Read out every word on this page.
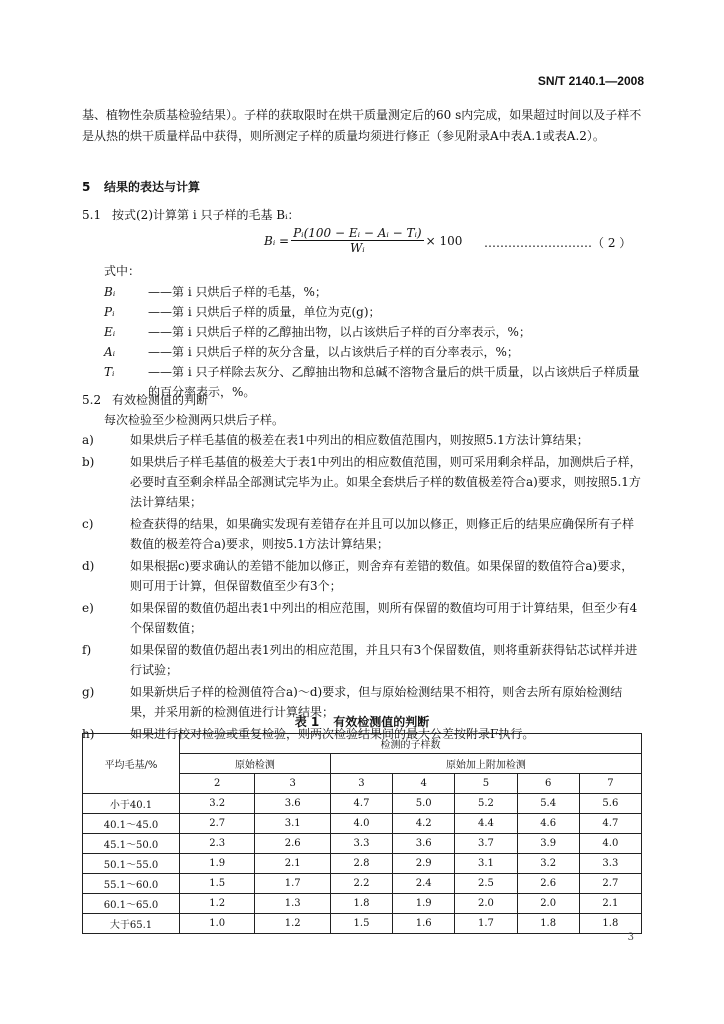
SN/T 2140.1—2008
基、植物性杂质基检验结果）。子样的获取限时在烘干质量测定后的60 s内完成，如果超过时间以及子样不是从热的烘干质量样品中获得，则所测定子样的质量均须进行修正（参见附录A中表A.1或表A.2）。
5 结果的表达与计算
5.1 按式(2)计算第 i 只子样的毛基 Bᵢ：
Bᵢ =	Pᵢ(100 − Eᵢ − Aᵢ − Tᵢ)	× 100
Wᵢ	………………………（ 2 ）
式中：
Bᵢ	——第 i 只烘后子样的毛基，%；
Pᵢ	——第 i 只烘后子样的质量，单位为克(g)；
Eᵢ	——第 i 只烘后子样的乙醇抽出物，以占该烘后子样的百分率表示，%；
Aᵢ	——第 i 只烘后子样的灰分含量，以占该烘后子样的百分率表示，%；
Tᵢ	——第 i 只子样除去灰分、乙醇抽出物和总碱不溶物含量后的烘干质量，以占该烘后子样质量的百分率表示，%。
5.2 有效检测值的判断
每次检验至少检测两只烘后子样。
a)	如果烘后子样毛基值的极差在表1中列出的相应数值范围内，则按照5.1方法计算结果；
b)	如果烘后子样毛基值的极差大于表1中列出的相应数值范围，则可采用剩余样品，加测烘后子样，必要时直至剩余样品全部测试完毕为止。如果全套烘后子样的数值极差符合a)要求，则按照5.1方法计算结果；
c)	检查获得的结果，如果确实发现有差错存在并且可以加以修正，则修正后的结果应确保所有子样数值的极差符合a)要求，则按5.1方法计算结果；
d)	如果根据c)要求确认的差错不能加以修正，则舍弃有差错的数值。如果保留的数值符合a)要求，则可用于计算，但保留数值至少有3个；
e)	如果保留的数值仍超出表1中列出的相应范围，则所有保留的数值均可用于计算结果，但至少有4个保留数值；
f)	如果保留的数值仍超出表1列出的相应范围，并且只有3个保留数值，则将重新获得钻芯试样并进行试验；
g)	如果新烘后子样的检测值符合a)～d)要求，但与原始检测结果不相符，则舍去所有原始检测结果，并采用新的检测值进行计算结果；
h)	如果进行校对检验或重复检验，则两次检验结果间的最大公差按附录F执行。
表 1 有效检测值的判断
平均毛基/%	检测的子样数						
	原始检测		原始加上附加检测				
	2	3	3	4	5	6	7
小于40.1	3.2	3.6	4.7	5.0	5.2	5.4	5.6
40.1～45.0	2.7	3.1	4.0	4.2	4.4	4.6	4.7
45.1～50.0	2.3	2.6	3.3	3.6	3.7	3.9	4.0
50.1～55.0	1.9	2.1	2.8	2.9	3.1	3.2	3.3
55.1～60.0	1.5	1.7	2.2	2.4	2.5	2.6	2.7
60.1～65.0	1.2	1.3	1.8	1.9	2.0	2.0	2.1
大于65.1	1.0	1.2	1.5	1.6	1.7	1.8	1.8
3
